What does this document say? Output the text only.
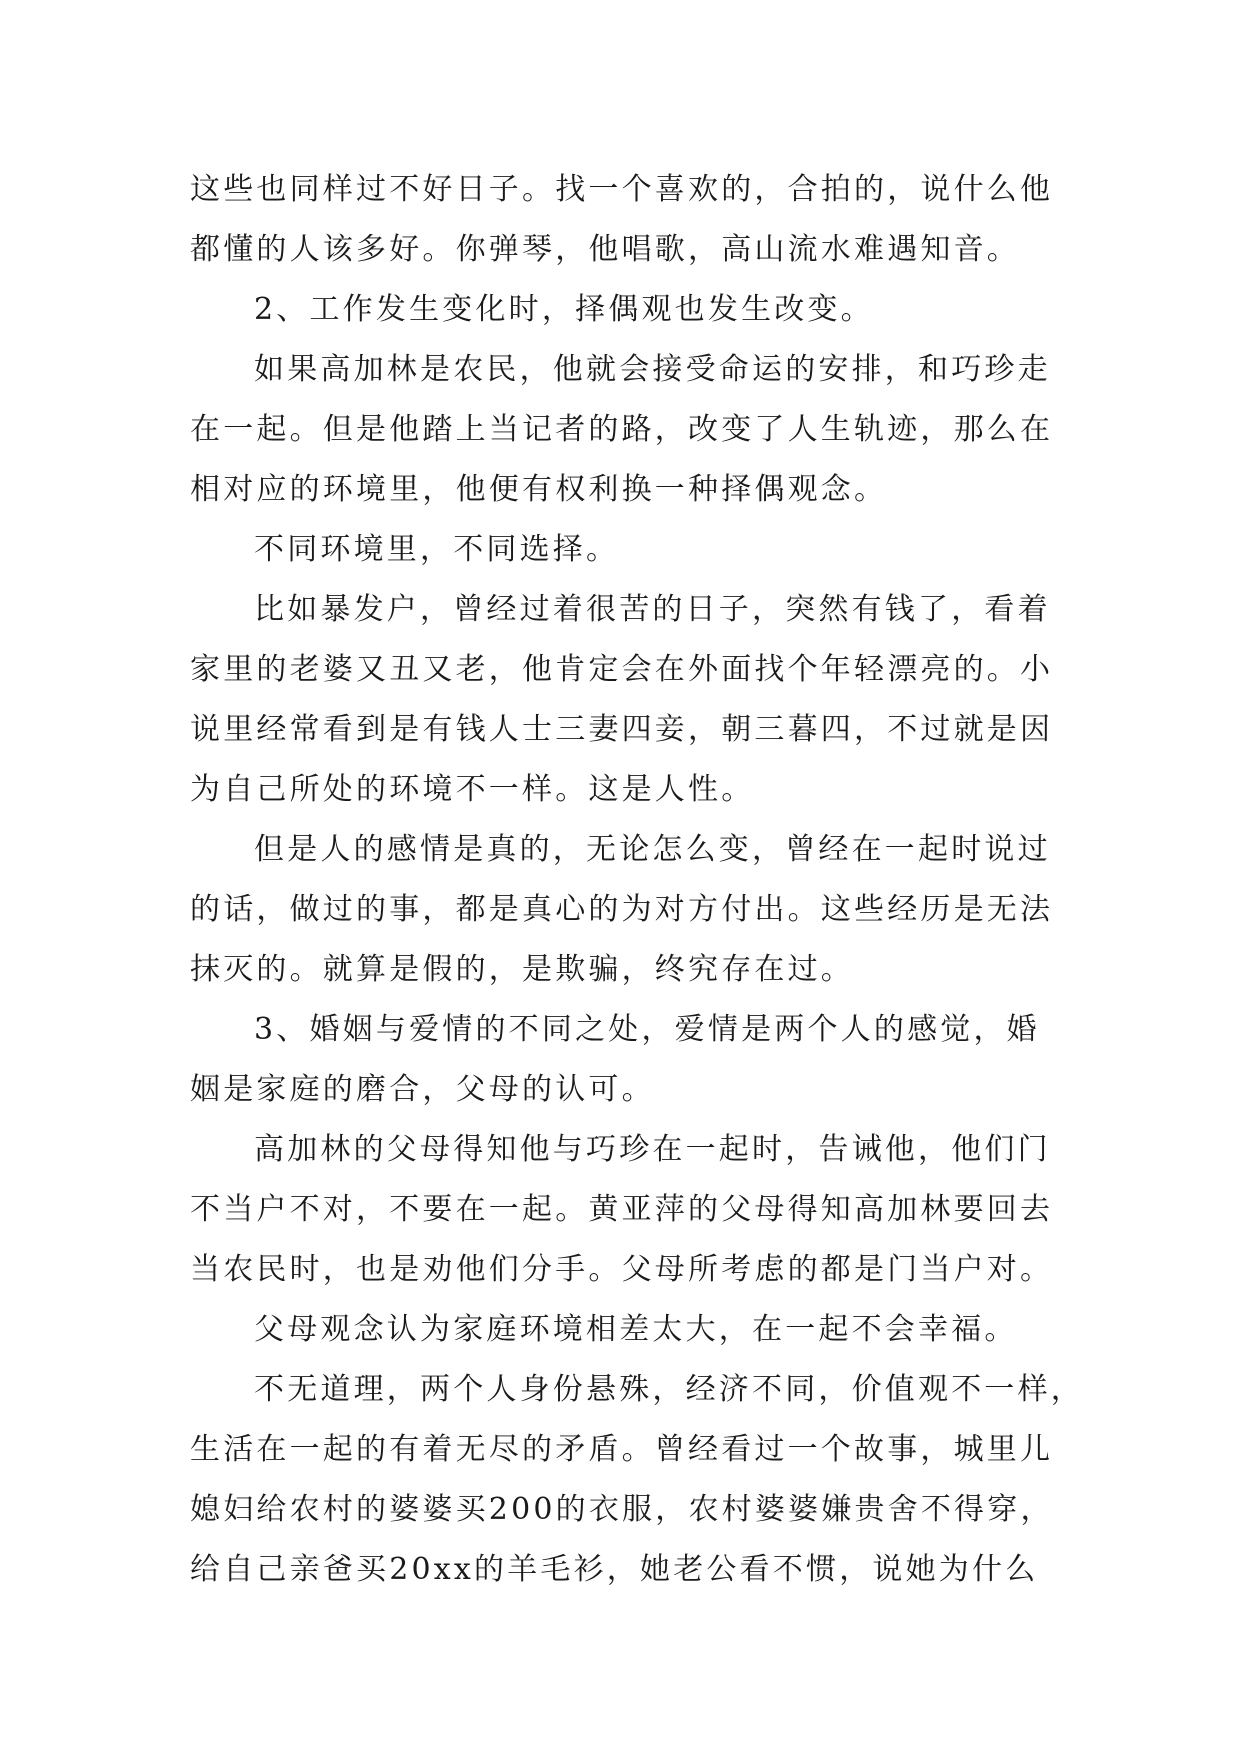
这些也同样过不好日子。找一个喜欢的，合拍的，说什么他
都懂的人该多好。你弹琴，他唱歌，高山流水难遇知音。
2、工作发生变化时，择偶观也发生改变。
如果高加林是农民，他就会接受命运的安排，和巧珍走
在一起。但是他踏上当记者的路，改变了人生轨迹，那么在
相对应的环境里，他便有权利换一种择偶观念。
不同环境里，不同选择。
比如暴发户，曾经过着很苦的日子，突然有钱了，看着
家里的老婆又丑又老，他肯定会在外面找个年轻漂亮的。小
说里经常看到是有钱人士三妻四妾，朝三暮四，不过就是因
为自己所处的环境不一样。这是人性。
但是人的感情是真的，无论怎么变，曾经在一起时说过
的话，做过的事，都是真心的为对方付出。这些经历是无法
抹灭的。就算是假的，是欺骗，终究存在过。
3、婚姻与爱情的不同之处，爱情是两个人的感觉，婚
姻是家庭的磨合，父母的认可。
高加林的父母得知他与巧珍在一起时，告诫他，他们门
不当户不对，不要在一起。黄亚萍的父母得知高加林要回去
当农民时，也是劝他们分手。父母所考虑的都是门当户对。
父母观念认为家庭环境相差太大，在一起不会幸福。
不无道理，两个人身份悬殊，经济不同，价值观不一样，
生活在一起的有着无尽的矛盾。曾经看过一个故事，城里儿
媳妇给农村的婆婆买200的衣服，农村婆婆嫌贵舍不得穿，
给自己亲爸买20xx的羊毛衫，她老公看不惯，说她为什么
